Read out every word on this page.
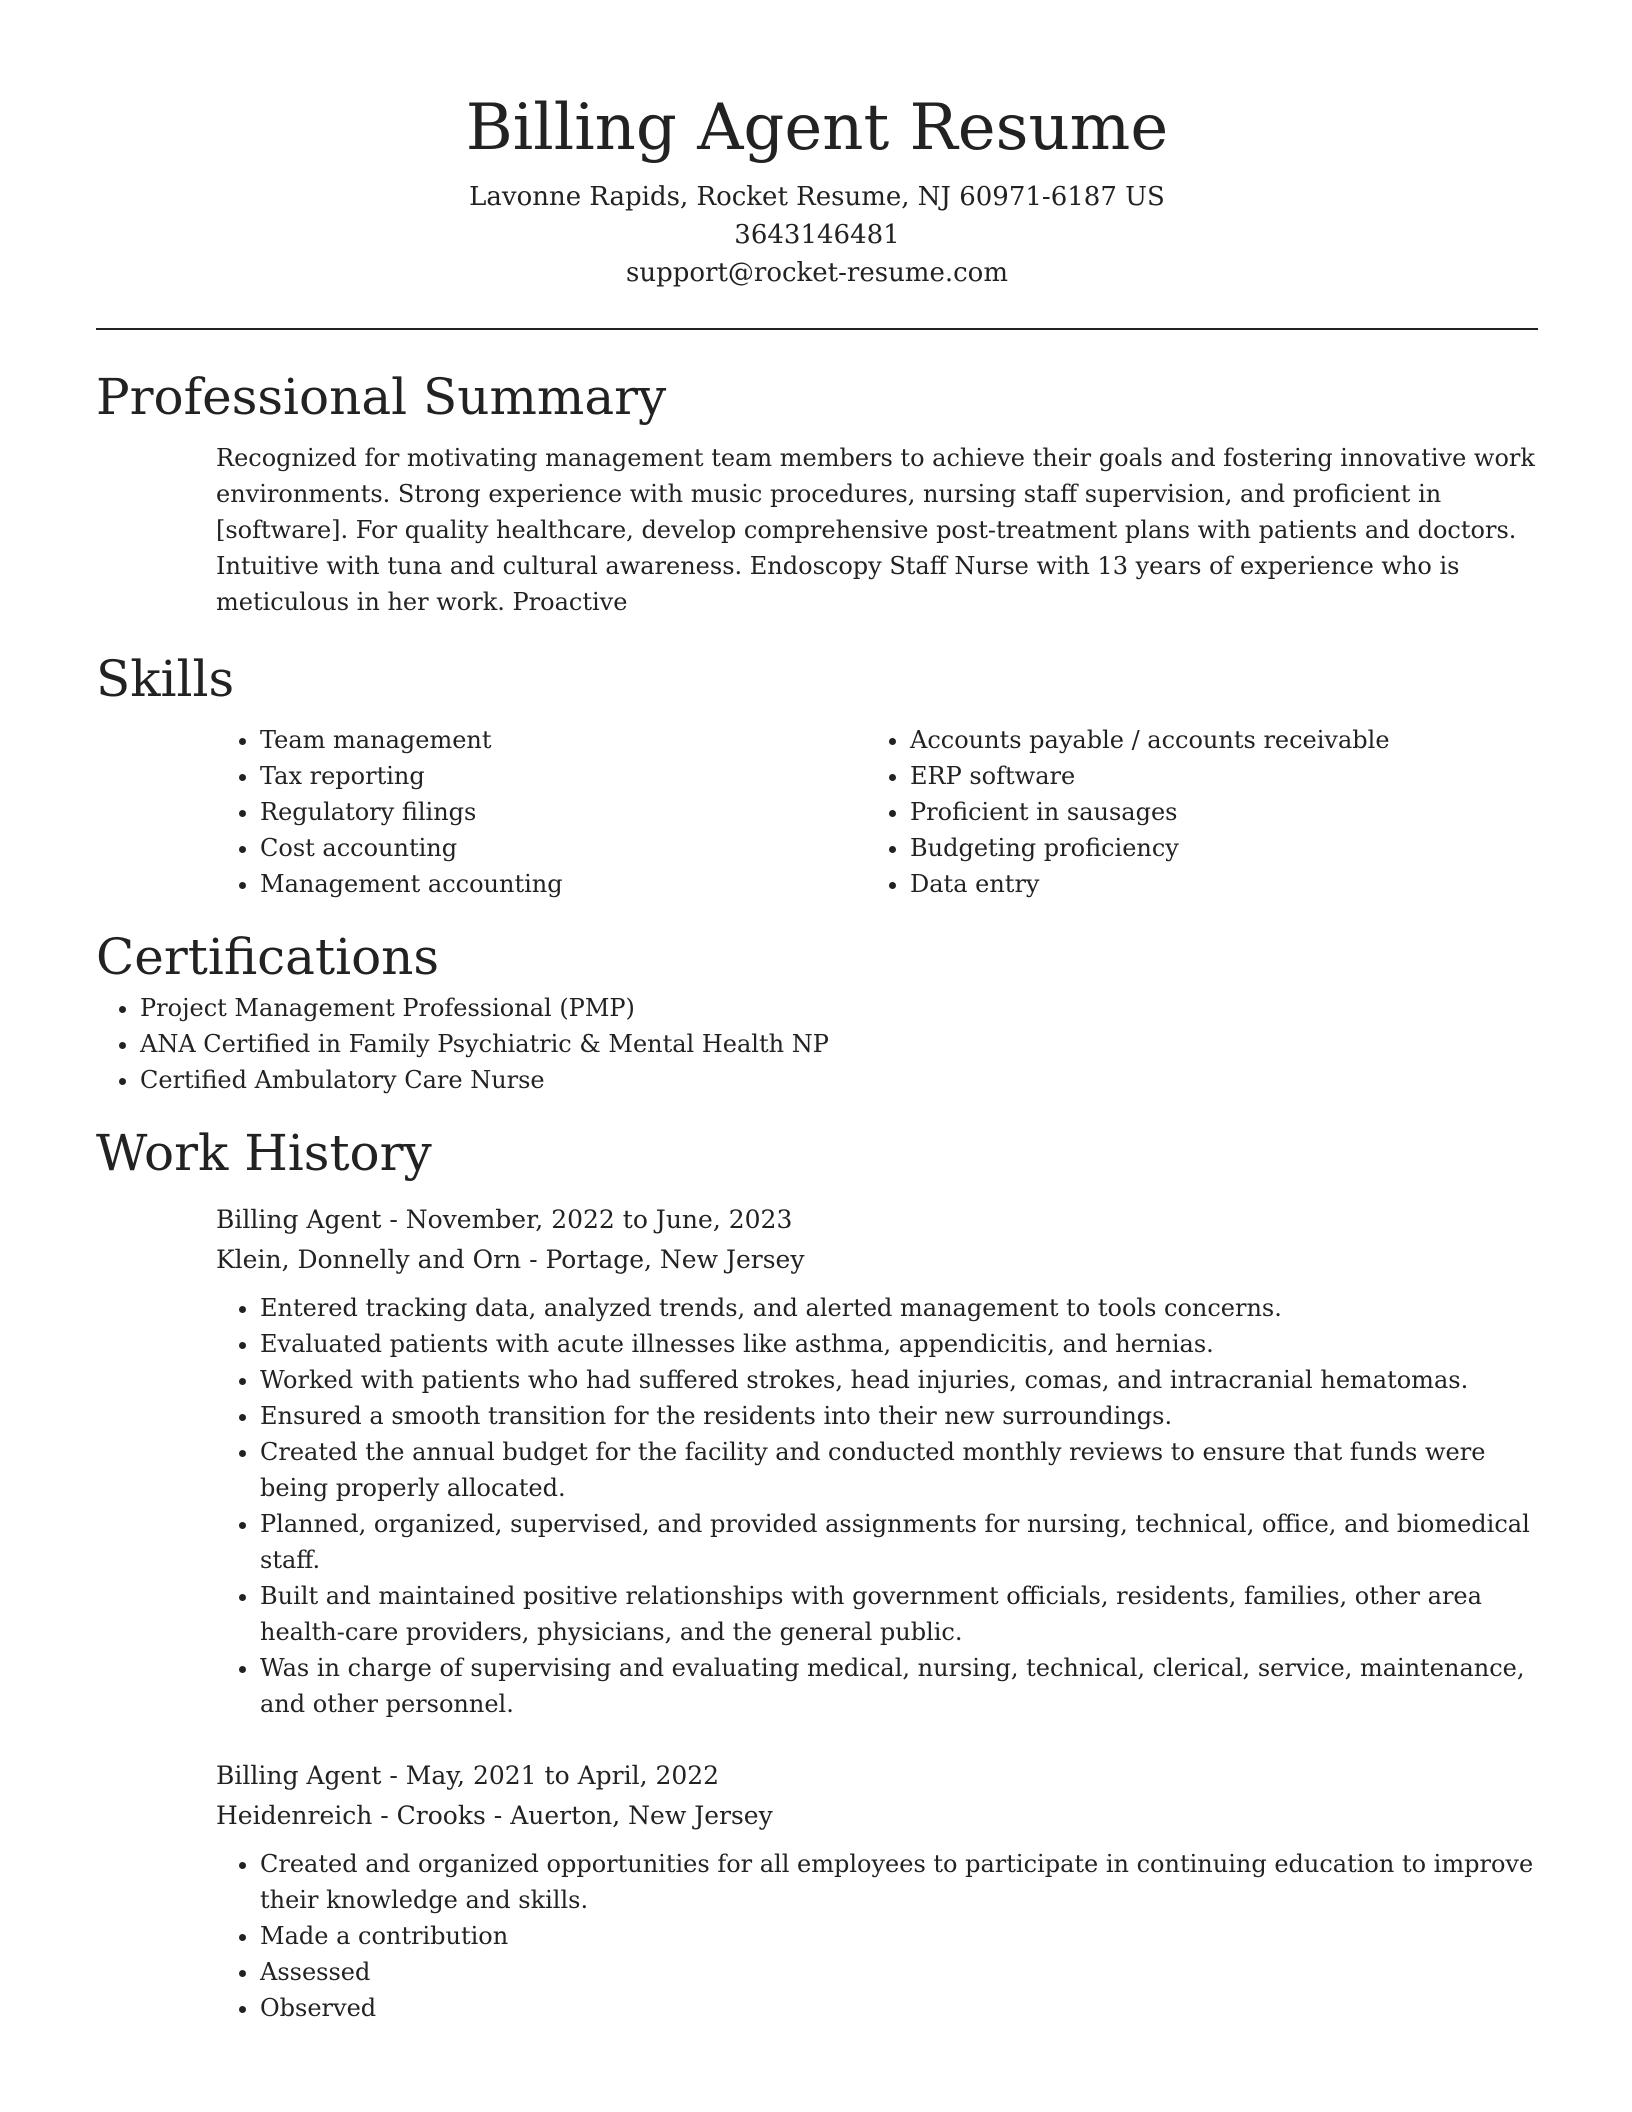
Billing Agent Resume
Lavonne Rapids, Rocket Resume, NJ 60971-6187 US
3643146481
support@rocket-resume.com
Professional Summary

Recognized for motivating management team members to achieve their goals and fostering innovative work environments. Strong experience with music procedures, nursing staff supervision, and proficient in [software]. For quality healthcare, develop comprehensive post-treatment plans with patients and doctors. Intuitive with tuna and cultural awareness. Endoscopy Staff Nurse with 13 years of experience who is meticulous in her work. Proactive

Skills
• Team management
• Tax reporting
• Regulatory filings
• Cost accounting
• Management accounting
• Accounts payable / accounts receivable
• ERP software
• Proficient in sausages
• Budgeting proficiency
• Data entry
Certifications
• Project Management Professional (PMP)
• ANA Certified in Family Psychiatric & Mental Health NP
• Certified Ambulatory Care Nurse
Work History
Billing Agent - November, 2022 to June, 2023
Klein, Donnelly and Orn - Portage, New Jersey
• Entered tracking data, analyzed trends, and alerted management to tools concerns.
• Evaluated patients with acute illnesses like asthma, appendicitis, and hernias.
• Worked with patients who had suffered strokes, head injuries, comas, and intracranial hematomas.
• Ensured a smooth transition for the residents into their new surroundings.
• Created the annual budget for the facility and conducted monthly reviews to ensure that funds were being properly allocated.
• Planned, organized, supervised, and provided assignments for nursing, technical, office, and biomedical staff.
• Built and maintained positive relationships with government officials, residents, families, other area health-care providers, physicians, and the general public.
• Was in charge of supervising and evaluating medical, nursing, technical, clerical, service, maintenance, and other personnel.
Billing Agent - May, 2021 to April, 2022
Heidenreich - Crooks - Auerton, New Jersey
• Created and organized opportunities for all employees to participate in continuing education to improve their knowledge and skills.
• Made a contribution
• Assessed
• Observed
